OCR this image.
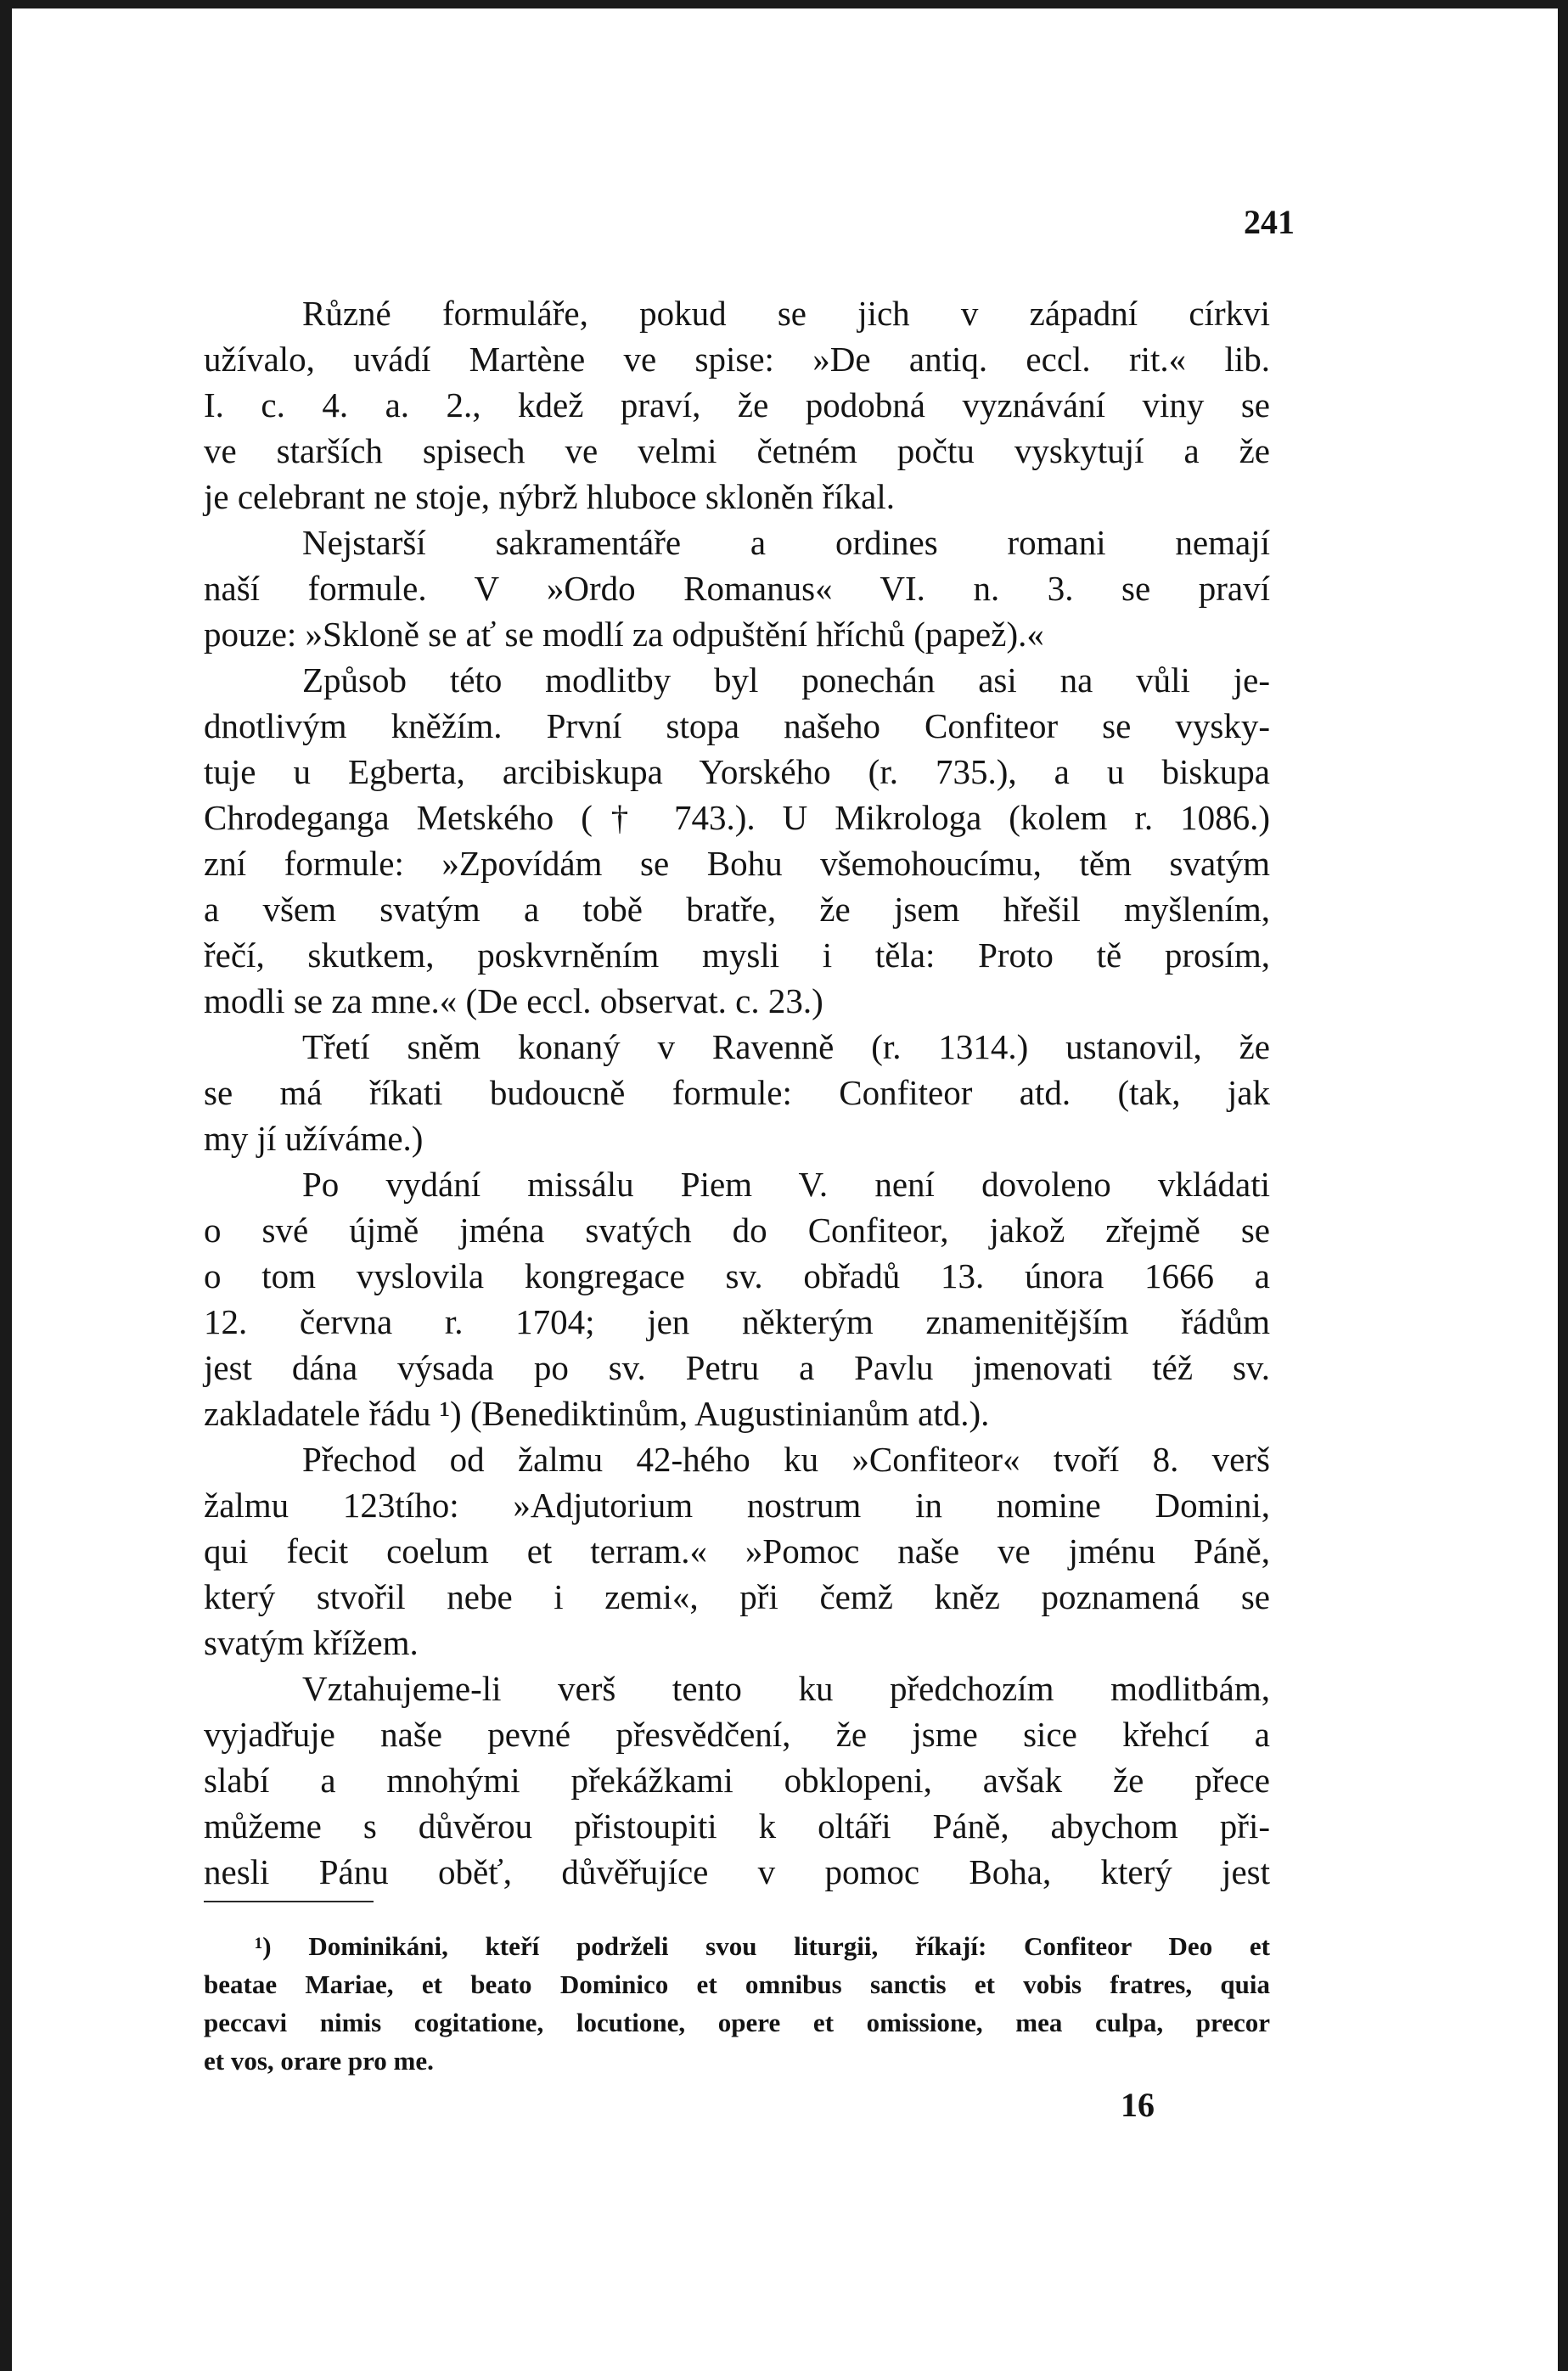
241
Různé formuláře, pokud se jich v západní církvi
užívalo, uvádí Martène ve spise: »De antiq. eccl. rit.« lib.
I. c. 4. a. 2., kdež praví, že podobná vyznávání viny se
ve starších spisech ve velmi četném počtu vyskytují a že
je celebrant ne stoje, nýbrž hluboce skloněn říkal.
Nejstarší sakramentáře a ordines romani nemají
naší formule. V »Ordo Romanus« VI. n. 3. se praví
pouze: »Skloně se ať se modlí za odpuštění hříchů (papež).«
Způsob této modlitby byl ponechán asi na vůli je-
dnotlivým kněžím. První stopa našeho Confiteor se vysky-
tuje u Egberta, arcibiskupa Yorského (r. 735.), a u biskupa
Chrodeganga Metského († 743.). U Mikrologa (kolem r. 1086.)
zní formule: »Zpovídám se Bohu všemohoucímu, těm svatým
a všem svatým a tobě bratře, že jsem hřešil myšlením,
řečí, skutkem, poskvrněním mysli i těla: Proto tě prosím,
modli se za mne.« (De eccl. observat. c. 23.)
Třetí sněm konaný v Ravenně (r. 1314.) ustanovil, že
se má říkati budoucně formule: Confiteor atd. (tak, jak
my jí užíváme.)
Po vydání missálu Piem V. není dovoleno vkládati
o své újmě jména svatých do Confiteor, jakož zřejmě se
o tom vyslovila kongregace sv. obřadů 13. února 1666 a
12. června r. 1704; jen některým znamenitějším řádům
jest dána výsada po sv. Petru a Pavlu jmenovati též sv.
zakladatele řádu ¹) (Benediktinům, Augustinianům atd.).
Přechod od žalmu 42-hého ku »Confiteor« tvoří 8. verš
žalmu 123tího: »Adjutorium nostrum in nomine Domini,
qui fecit coelum et terram.« »Pomoc naše ve jménu Páně,
který stvořil nebe i zemi«, při čemž kněz poznamená se
svatým křížem.
Vztahujeme-li verš tento ku předchozím modlitbám,
vyjadřuje naše pevné přesvědčení, že jsme sice křehcí a
slabí a mnohými překážkami obklopeni, avšak že přece
můžeme s důvěrou přistoupiti k oltáři Páně, abychom při-
nesli Pánu oběť, důvěřujíce v pomoc Boha, který jest
¹) Dominikáni, kteří podrželi svou liturgii, říkají: Confiteor Deo et
beatae Mariae, et beato Dominico et omnibus sanctis et vobis fratres, quia
peccavi nimis cogitatione, locutione, opere et omissione, mea culpa, precor
et vos, orare pro me.
16
